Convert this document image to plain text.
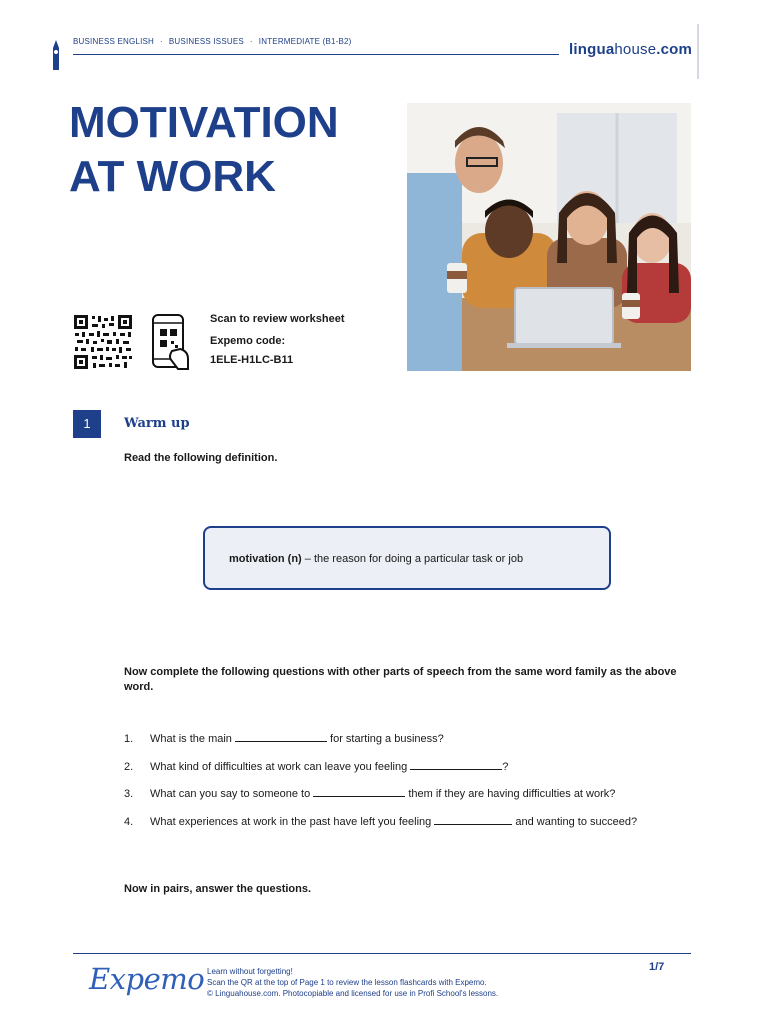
BUSINESS ENGLISH · BUSINESS ISSUES · INTERMEDIATE (B1-B2)	linguahouse.com
MOTIVATION
AT WORK
Scan to review worksheet
Expemo code:
1ELE-H1LC-B11
1	Warm up
Read the following definition.
motivation (n) – the reason for doing a particular task or job
Now complete the following questions with other parts of speech from the same word family as the above word.
1. What is the main	for starting a business?
2. What kind of difficulties at work can leave you feeling	?
3. What can you say to someone to	them if they are having difficulties at work?
4. What experiences at work in the past have left you feeling	and wanting to succeed?
Now in pairs, answer the questions.
Expemo Learn without forgetting!
Scan the QR at the top of Page 1 to review the lesson flashcards with Expemo.
© Linguahouse.com. Photocopiable and licensed for use in Profi School's lessons.
1/7
